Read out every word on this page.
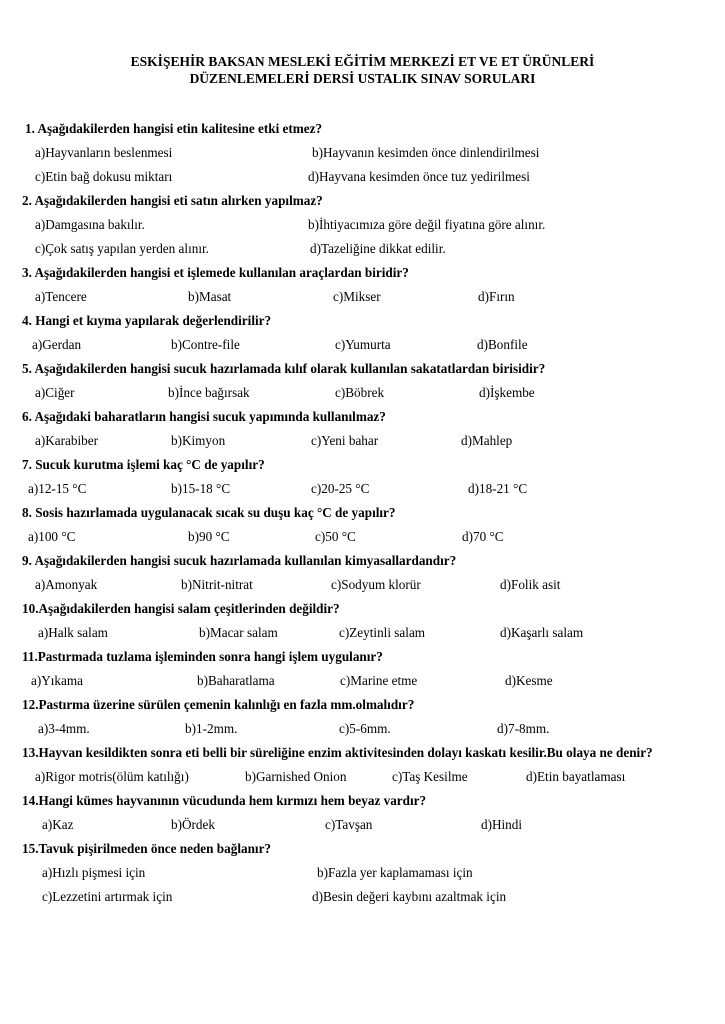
ESKİŞEHİR BAKSAN MESLEKİ EĞİTİM MERKEZİ ET VE ET ÜRÜNLERİ
DÜZENLEMELERİ DERSİ USTALIK SINAV SORULARI
1. Aşağıdakilerden hangisi etin kalitesine etki etmez?
a)Hayvanların beslenmesi	b)Hayvanın kesimden önce dinlendirilmesi
c)Etin bağ dokusu miktarı	d)Hayvana kesimden önce tuz yedirilmesi
2. Aşağıdakilerden hangisi eti satın alırken yapılmaz?
a)Damgasına bakılır.	b)İhtiyacımıza göre değil fiyatına göre alınır.
c)Çok satış yapılan yerden alınır.	d)Tazeliğine dikkat edilir.
3. Aşağıdakilerden hangisi et işlemede kullanılan araçlardan biridir?
a)Tencere	b)Masat	c)Mikser	d)Fırın
4. Hangi et kıyma yapılarak değerlendirilir?
a)Gerdan	b)Contre-file	c)Yumurta	d)Bonfile
5. Aşağıdakilerden hangisi sucuk hazırlamada kılıf olarak kullanılan sakatatlardan birisidir?
a)Ciğer	b)İnce bağırsak	c)Böbrek	d)İşkembe
6. Aşağıdaki baharatların hangisi sucuk yapımında kullanılmaz?
a)Karabiber	b)Kimyon	c)Yeni bahar	d)Mahlep
7. Sucuk kurutma işlemi kaç °C de yapılır?
a)12-15 °C	b)15-18 °C	c)20-25 °C	d)18-21 °C
8. Sosis hazırlamada uygulanacak sıcak su duşu kaç °C de yapılır?
a)100 °C	b)90 °C	c)50 °C	d)70 °C
9. Aşağıdakilerden hangisi sucuk hazırlamada kullanılan kimyasallardandır?
a)Amonyak	b)Nitrit-nitrat	c)Sodyum klorür	d)Folik asit
10.Aşağıdakilerden hangisi salam çeşitlerinden değildir?
a)Halk salam	b)Macar salam	c)Zeytinli salam	d)Kaşarlı salam
11.Pastırmada tuzlama işleminden sonra hangi işlem uygulanır?
a)Yıkama	b)Baharatlama	c)Marine etme	d)Kesme
12.Pastırma üzerine sürülen çemenin kalınlığı en fazla mm.olmalıdır?
a)3-4mm.	b)1-2mm.	c)5-6mm.	d)7-8mm.
13.Hayvan kesildikten sonra eti belli bir süreliğine enzim aktivitesinden dolayı kaskatı kesilir.Bu olaya ne denir?
a)Rigor motris(ölüm katılığı)	b)Garnished Onion	c)Taş Kesilme	d)Etin bayatlaması
14.Hangi kümes hayvanının vücudunda hem kırmızı hem beyaz vardır?
a)Kaz	b)Ördek	c)Tavşan	d)Hindi
15.Tavuk pişirilmeden önce neden bağlanır?
a)Hızlı pişmesi için	b)Fazla yer kaplamaması için
c)Lezzetini artırmak için	d)Besin değeri kaybını azaltmak için
